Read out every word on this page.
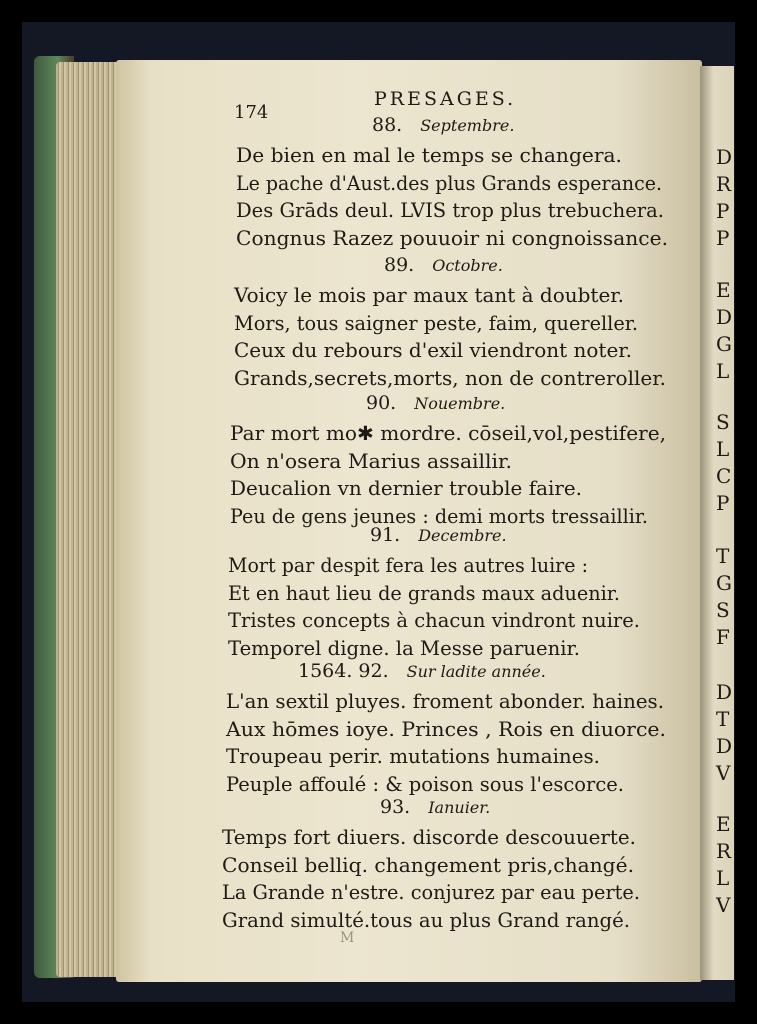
174
PRESAGES.
88. Septembre.
De bien en mal le temps se changera.
Le pache d'Aust.des plus Grands esperance.
Des Grāds deul. LVIS trop plus trebuchera.
Congnus Razez pouuoir ni congnoissance.
89. Octobre.
Voicy le mois par maux tant à doubter.
Mors, tous saigner peste, faim, quereller.
Ceux du rebours d'exil viendront noter.
Grands,secrets,morts, non de contreroller.
90. Nouembre.
Par mort mo✱ mordre. cōseil,vol,pestifere,
On n'osera Marius assaillir.
Deucalion vn dernier trouble faire.
Peu de gens jeunes : demi morts tressaillir.
91. Decembre.
Mort par despit fera les autres luire :
Et en haut lieu de grands maux aduenir.
Tristes concepts à chacun vindront nuire.
Temporel digne. la Messe paruenir.
1564. 92. Sur ladite année.
L'an sextil pluyes. froment abonder. haines.
Aux hōmes ioye. Princes , Rois en diuorce.
Troupeau perir. mutations humaines.
Peuple affoulé : & poison sous l'escorce.
93. Ianuier.
Temps fort diuers. discorde descouuerte.
Conseil belliq. changement pris,changé.
La Grande n'estre. conjurez par eau perte.
Grand simulté.tous au plus Grand rangé.
D
R
P
P
E
D
G
L
S
L
C
P
T
G
S
F
D
T
D
V
E
R
L
V
M
